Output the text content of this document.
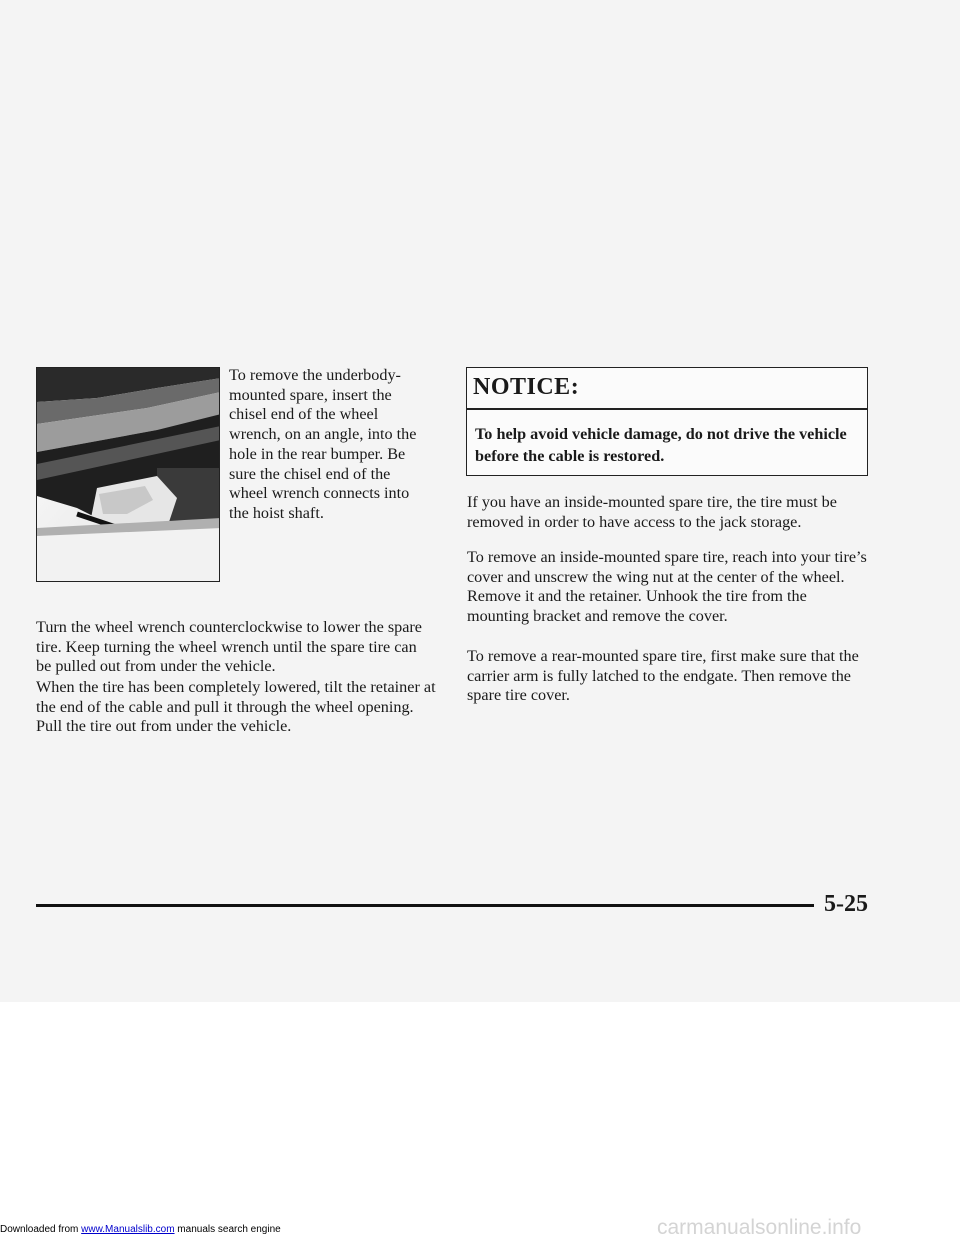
To remove the underbody-mounted spare, insert the chisel end of the wheel wrench, on an angle, into the hole in the rear bumper. Be sure the chisel end of the wheel wrench connects into the hoist shaft.

Turn the wheel wrench counterclockwise to lower the spare tire. Keep turning the wheel wrench until the spare tire can be pulled out from under the vehicle.

When the tire has been completely lowered, tilt the retainer at the end of the cable and pull it through the wheel opening. Pull the tire out from under the vehicle.

NOTICE:

To help avoid vehicle damage, do not drive the vehicle before the cable is restored.

If you have an inside-mounted spare tire, the tire must be removed in order to have access to the jack storage.

To remove an inside-mounted spare tire, reach into your tire’s cover and unscrew the wing nut at the center of the wheel. Remove it and the retainer. Unhook the tire from the mounting bracket and remove the cover.

To remove a rear-mounted spare tire, first make sure that the carrier arm is fully latched to the endgate. Then remove the spare tire cover.

5-25
Downloaded from www.Manualslib.com manuals search engine	carmanualsonline.info
